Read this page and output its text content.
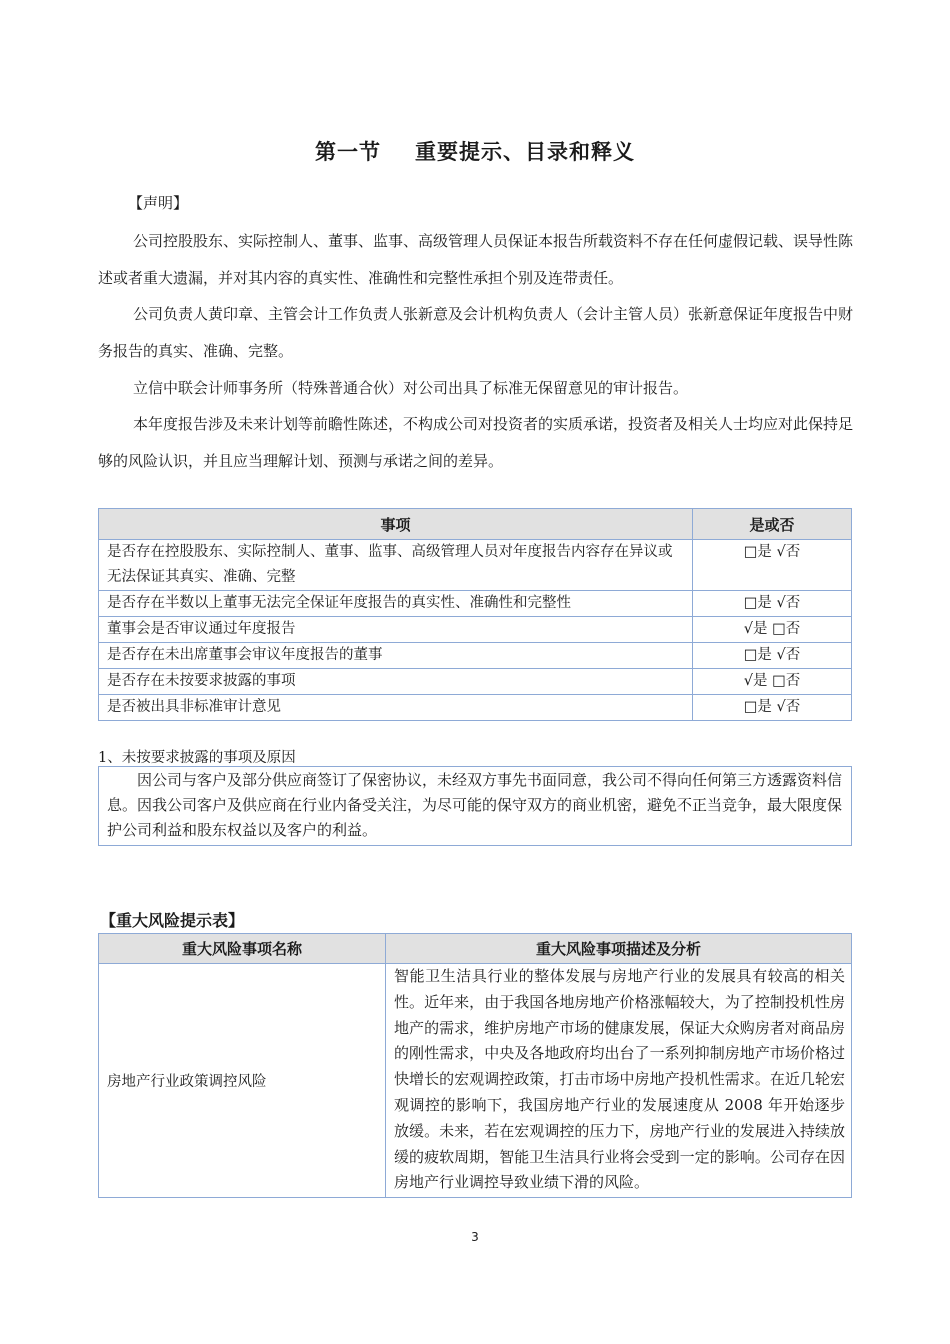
第一节 重要提示、目录和释义
【声明】

公司控股股东、实际控制人、董事、监事、高级管理人员保证本报告所载资料不存在任何虚假记载、误导性陈述或者重大遗漏，并对其内容的真实性、准确性和完整性承担个别及连带责任。

公司负责人黄印章、主管会计工作负责人张新意及会计机构负责人（会计主管人员）张新意保证年度报告中财务报告的真实、准确、完整。

立信中联会计师事务所（特殊普通合伙）对公司出具了标准无保留意见的审计报告。

本年度报告涉及未来计划等前瞻性陈述，不构成公司对投资者的实质承诺，投资者及相关人士均应对此保持足够的风险认识，并且应当理解计划、预测与承诺之间的差异。

事项	是或否
是否存在控股股东、实际控制人、董事、监事、高级管理人员对年度报告内容存在异议或无法保证其真实、准确、完整	□是 √否
是否存在半数以上董事无法完全保证年度报告的真实性、准确性和完整性	□是 √否
董事会是否审议通过年度报告	√是 □否
是否存在未出席董事会审议年度报告的董事	□是 √否
是否存在未按要求披露的事项	√是 □否
是否被出具非标准审计意见	□是 √否
1、未按要求披露的事项及原因

因公司与客户及部分供应商签订了保密协议，未经双方事先书面同意，我公司不得向任何第三方透露资料信息。因我公司客户及供应商在行业内备受关注，为尽可能的保守双方的商业机密，避免不正当竞争，最大限度保护公司利益和股东权益以及客户的利益。

【重大风险提示表】
重大风险事项名称	重大风险事项描述及分析
房地产行业政策调控风险	智能卫生洁具行业的整体发展与房地产行业的发展具有较高的相关性。近年来，由于我国各地房地产价格涨幅较大，为了控制投机性房地产的需求，维护房地产市场的健康发展，保证大众购房者对商品房的刚性需求，中央及各地政府均出台了一系列抑制房地产市场价格过快增长的宏观调控政策，打击市场中房地产投机性需求。在近几轮宏观调控的影响下，我国房地产行业的发展速度从 2008 年开始逐步放缓。未来，若在宏观调控的压力下，房地产行业的发展进入持续放缓的疲软周期，智能卫生洁具行业将会受到一定的影响。公司存在因房地产行业调控导致业绩下滑的风险。
3
